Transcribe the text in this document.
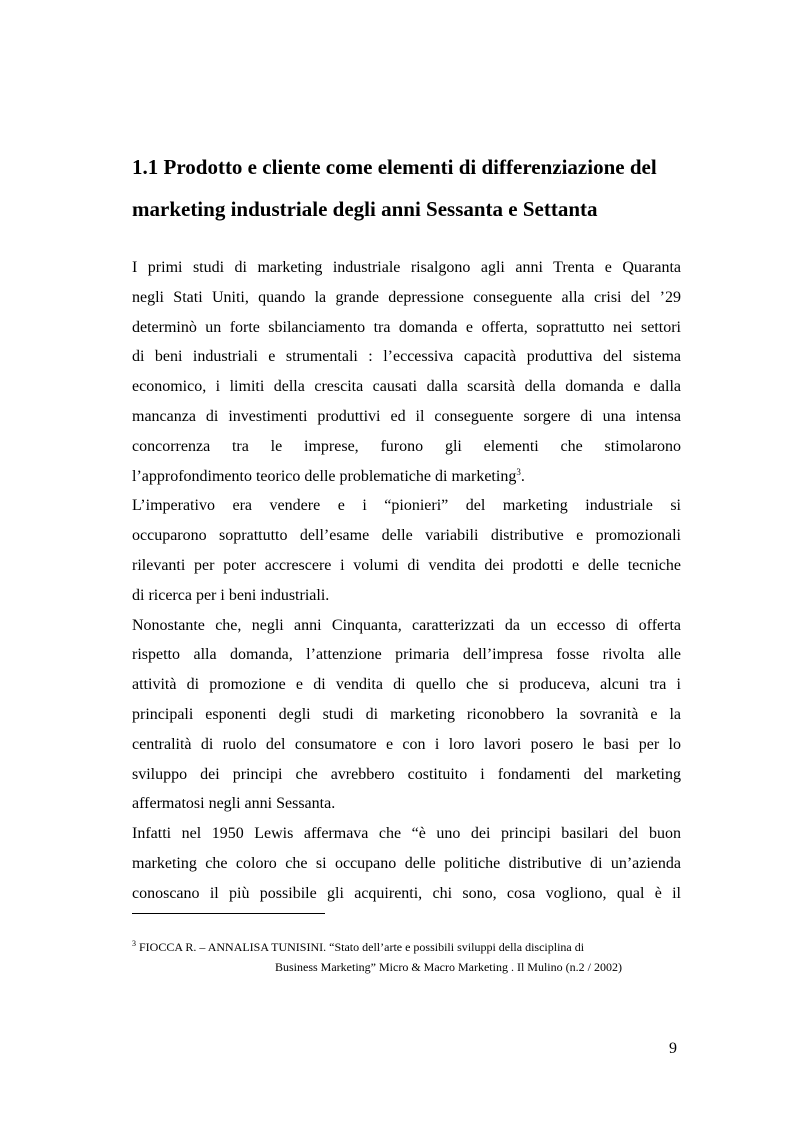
1.1 Prodotto e cliente come elementi di differenziazione del
marketing industriale degli anni Sessanta e Settanta

I primi studi di marketing industriale risalgono agli anni Trenta e Quaranta
negli Stati Uniti, quando la grande depressione conseguente alla crisi del ’29
determinò un forte sbilanciamento tra domanda e offerta, soprattutto nei settori
di beni industriali e strumentali : l’eccessiva capacità produttiva del sistema
economico, i limiti della crescita causati dalla scarsità della domanda e dalla
mancanza di investimenti produttivi ed il conseguente sorgere di una intensa
concorrenza tra le imprese, furono gli elementi che stimolarono
l’approfondimento teorico delle problematiche di marketing$^3$.

L’imperativo era vendere e i “pionieri” del marketing industriale si
occuparono soprattutto dell’esame delle variabili distributive e promozionali
rilevanti per poter accrescere i volumi di vendita dei prodotti e delle tecniche
di ricerca per i beni industriali.

Nonostante che, negli anni Cinquanta, caratterizzati da un eccesso di offerta
rispetto alla domanda, l’attenzione primaria dell’impresa fosse rivolta alle
attività di promozione e di vendita di quello che si produceva, alcuni tra i
principali esponenti degli studi di marketing riconobbero la sovranità e la
centralità di ruolo del consumatore e con i loro lavori posero le basi per lo
sviluppo dei principi che avrebbero costituito i fondamenti del marketing
affermatosi negli anni Sessanta.

Infatti nel 1950 Lewis affermava che “è uno dei principi basilari del buon
marketing che coloro che si occupano delle politiche distributive di un’azienda
conoscano il più possibile gli acquirenti, chi sono, cosa vogliono, qual è il

$^3$ FIOCCA R. – ANNALISA TUNISINI. “Stato dell’arte e possibili sviluppi della disciplina di
Business Marketing” Micro & Macro Marketing . Il Mulino (n.2 / 2002)
9
